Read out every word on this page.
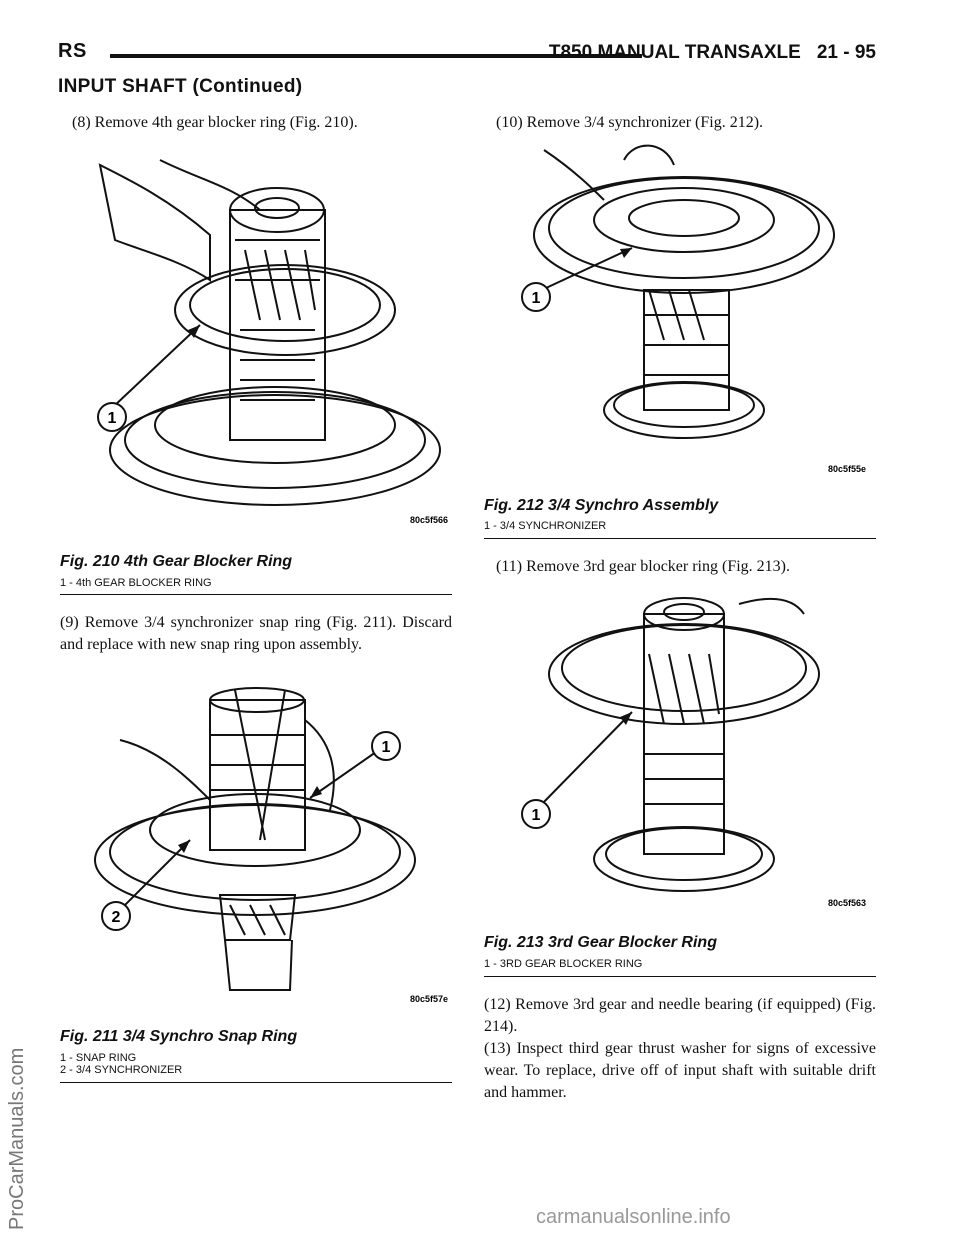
RS	T850 MANUAL TRANSAXLE 21 - 95
INPUT SHAFT (Continued)
(8) Remove 4th gear blocker ring (Fig. 210).
1
80c5f566
Fig. 210 4th Gear Blocker Ring
1 - 4th GEAR BLOCKER RING
(9) Remove 3/4 synchronizer snap ring (Fig. 211). Discard and replace with new snap ring upon assembly.
1
2
80c5f57e
Fig. 211 3/4 Synchro Snap Ring
1 - SNAP RING
2 - 3/4 SYNCHRONIZER
(10) Remove 3/4 synchronizer (Fig. 212).
1
80c5f55e
Fig. 212 3/4 Synchro Assembly
1 - 3/4 SYNCHRONIZER
(11) Remove 3rd gear blocker ring (Fig. 213).
1
80c5f563
Fig. 213 3rd Gear Blocker Ring
1 - 3RD GEAR BLOCKER RING
(12) Remove 3rd gear and needle bearing (if equipped) (Fig. 214).
(13) Inspect third gear thrust washer for signs of excessive wear. To replace, drive off of input shaft with suitable drift and hammer.
ProCarManuals.com	carmanualsonline.info
